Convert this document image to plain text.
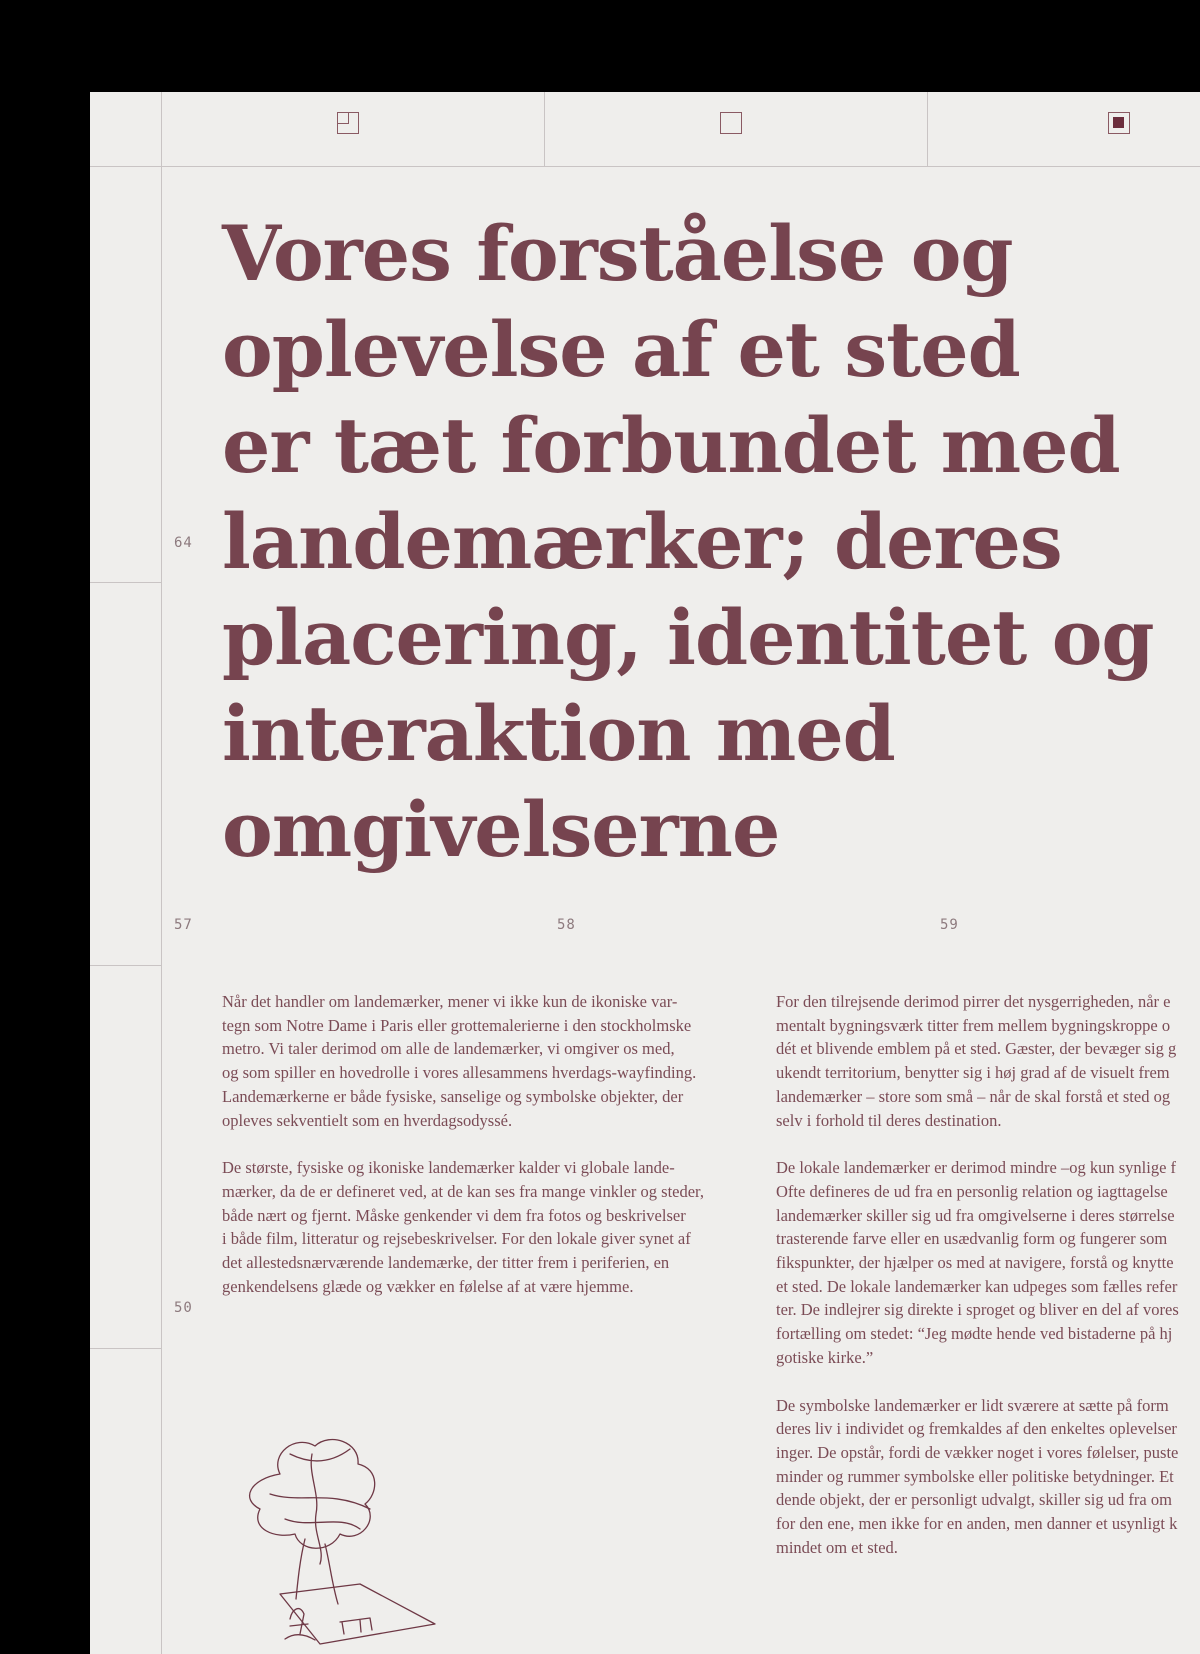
64
57	58	59
50
Vores forståelse og
oplevelse af et sted
er tæt forbundet med
landemærker; deres
placering, identitet og
interaktion med
omgivelserne

Når det handler om landemærker, mener vi ikke kun de ikoniske var-
tegn som Notre Dame i Paris eller grottemalerierne i den stockholmske
metro. Vi taler derimod om alle de landemærker, vi omgiver os med,
og som spiller en hovedrolle i vores allesammens hverdags-wayfinding.
Landemærkerne er både fysiske, sanselige og symbolske objekter, der
opleves sekventielt som en hverdagsodyssé.

De største, fysiske og ikoniske landemærker kalder vi globale lande-
mærker, da de er defineret ved, at de kan ses fra mange vinkler og steder,
både nært og fjernt. Måske genkender vi dem fra fotos og beskrivelser
i både film, litteratur og rejsebeskrivelser. For den lokale giver synet af
det allestedsnærværende landemærke, der titter frem i periferien, en
genkendelsens glæde og vækker en følelse af at være hjemme.

For den tilrejsende derimod pirrer det nysgerrigheden, når e
mentalt bygningsværk titter frem mellem bygningskroppe o
dét et blivende emblem på et sted. Gæster, der bevæger sig g
ukendt territorium, benytter sig i høj grad af de visuelt frem
landemærker – store som små – når de skal forstå et sted og
selv i forhold til deres destination.

De lokale landemærker er derimod mindre –og kun synlige f
Ofte defineres de ud fra en personlig relation og iagttagelse
landemærker skiller sig ud fra omgivelserne i deres størrelse
trasterende farve eller en usædvanlig form og fungerer som
fikspunkter, der hjælper os med at navigere, forstå og knytte
et sted. De lokale landemærker kan udpeges som fælles refer
ter. De indlejrer sig direkte i sproget og bliver en del af vores
fortælling om stedet: “Jeg mødte hende ved bistaderne på hj
gotiske kirke.”

De symbolske landemærker er lidt sværere at sætte på form
deres liv i individet og fremkaldes af den enkeltes oplevelser
inger. De opstår, fordi de vækker noget i vores følelser, puste
minder og rummer symbolske eller politiske betydninger. Et
dende objekt, der er personligt udvalgt, skiller sig ud fra om
for den ene, men ikke for en anden, men danner et usynligt k
mindet om et sted.
